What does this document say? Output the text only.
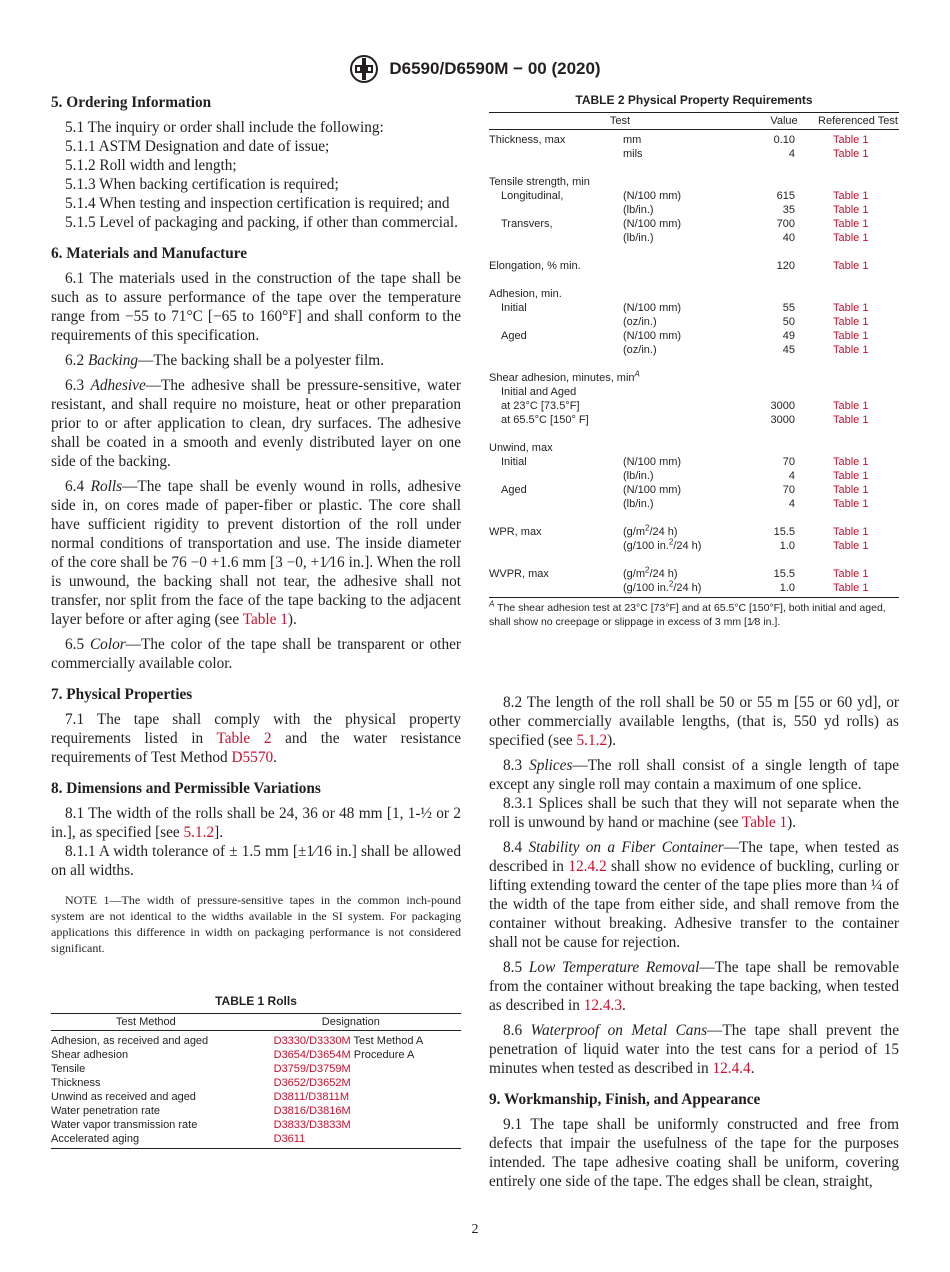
D6590/D6590M − 00 (2020)
5. Ordering Information

5.1 The inquiry or order shall include the following:

5.1.1 ASTM Designation and date of issue;

5.1.2 Roll width and length;

5.1.3 When backing certification is required;

5.1.4 When testing and inspection certification is required; and

5.1.5 Level of packaging and packing, if other than commercial.

6. Materials and Manufacture

6.1 The materials used in the construction of the tape shall be such as to assure performance of the tape over the temperature range from −55 to 71°C [−65 to 160°F] and shall conform to the requirements of this specification.

6.2 Backing—The backing shall be a polyester film.

6.3 Adhesive—The adhesive shall be pressure-sensitive, water resistant, and shall require no moisture, heat or other preparation prior to or after application to clean, dry surfaces. The adhesive shall be coated in a smooth and evenly distributed layer on one side of the backing.

6.4 Rolls—The tape shall be evenly wound in rolls, adhesive side in, on cores made of paper-fiber or plastic. The core shall have sufficient rigidity to prevent distortion of the roll under normal conditions of transportation and use. The inside diameter of the core shall be 76 −0 +1.6 mm [3 −0, +1⁄16 in.]. When the roll is unwound, the backing shall not tear, the adhesive shall not transfer, nor split from the face of the tape backing to the adjacent layer before or after aging (see Table 1).

6.5 Color—The color of the tape shall be transparent or other commercially available color.

7. Physical Properties

7.1 The tape shall comply with the physical property requirements listed in Table 2 and the water resistance requirements of Test Method D5570.

8. Dimensions and Permissible Variations

8.1 The width of the rolls shall be 24, 36 or 48 mm [1, 1-½ or 2 in.], as specified [see 5.1.2].

8.1.1 A width tolerance of ± 1.5 mm [±1⁄16 in.] shall be allowed on all widths.

NOTE 1—The width of pressure-sensitive tapes in the common inch-pound system are not identical to the widths available in the SI system. For packaging applications this difference in width on packaging performance is not considered significant.

TABLE 1 Rolls
Test Method	Designation
Adhesion, as received and aged	D3330/D3330M Test Method A
Shear adhesion	D3654/D3654M Procedure A
Tensile	D3759/D3759M
Thickness	D3652/D3652M
Unwind as received and aged	D3811/D3811M
Water penetration rate	D3816/D3816M
Water vapor transmission rate	D3833/D3833M
Accelerated aging	D3611
TABLE 2 Physical Property Requirements
Test		Value	Referenced Test
Thickness, max	mm	0.10	Table 1
	mils	4	Table 1

Tensile strength, min			
Longitudinal,	(N/100 mm)	615	Table 1
	(lb/in.)	35	Table 1
Transvers,	(N/100 mm)	700	Table 1
	(lb/in.)	40	Table 1

Elongation, % min.		120	Table 1

Adhesion, min.			
Initial	(N/100 mm)	55	Table 1
	(oz/in.)	50	Table 1
Aged	(N/100 mm)	49	Table 1
	(oz/in.)	45	Table 1

Shear adhesion, minutes, $\min^A$
Initial and Aged			
at 23°C [73.5°F]		3000	Table 1
at 65.5°C [150° F]		3000	Table 1

Unwind, max			
Initial	(N/100 mm)	70	Table 1
	(lb/in.)	4	Table 1
Aged	(N/100 mm)	70	Table 1
	(lb/in.)	4	Table 1

WPR, max	($g/m^2/24$ h)	15.5	Table 1
	(g/100 in.$^2$/24 h)	1.0	Table 1

WVPR, max	($g/m^2/24$ h)	15.5	Table 1
	(g/100 in.$^2$/24 h)	1.0	Table 1
$^A$ The shear adhesion test at 23°C [73°F] and at 65.5°C [150°F], both initial and aged, shall show no creepage or slippage in excess of 3 mm [1⁄8 in.].

8.2 The length of the roll shall be 50 or 55 m [55 or 60 yd], or other commercially available lengths, (that is, 550 yd rolls) as specified (see 5.1.2).

8.3 Splices—The roll shall consist of a single length of tape except any single roll may contain a maximum of one splice.

8.3.1 Splices shall be such that they will not separate when the roll is unwound by hand or machine (see Table 1).

8.4 Stability on a Fiber Container—The tape, when tested as described in 12.4.2 shall show no evidence of buckling, curling or lifting extending toward the center of the tape plies more than ¼ of the width of the tape from either side, and shall remove from the container without breaking. Adhesive transfer to the container shall not be cause for rejection.

8.5 Low Temperature Removal—The tape shall be removable from the container without breaking the tape backing, when tested as described in 12.4.3.

8.6 Waterproof on Metal Cans—The tape shall prevent the penetration of liquid water into the test cans for a period of 15 minutes when tested as described in 12.4.4.

9. Workmanship, Finish, and Appearance

9.1 The tape shall be uniformly constructed and free from defects that impair the usefulness of the tape for the purposes intended. The tape adhesive coating shall be uniform, covering entirely one side of the tape. The edges shall be clean, straight,

2
